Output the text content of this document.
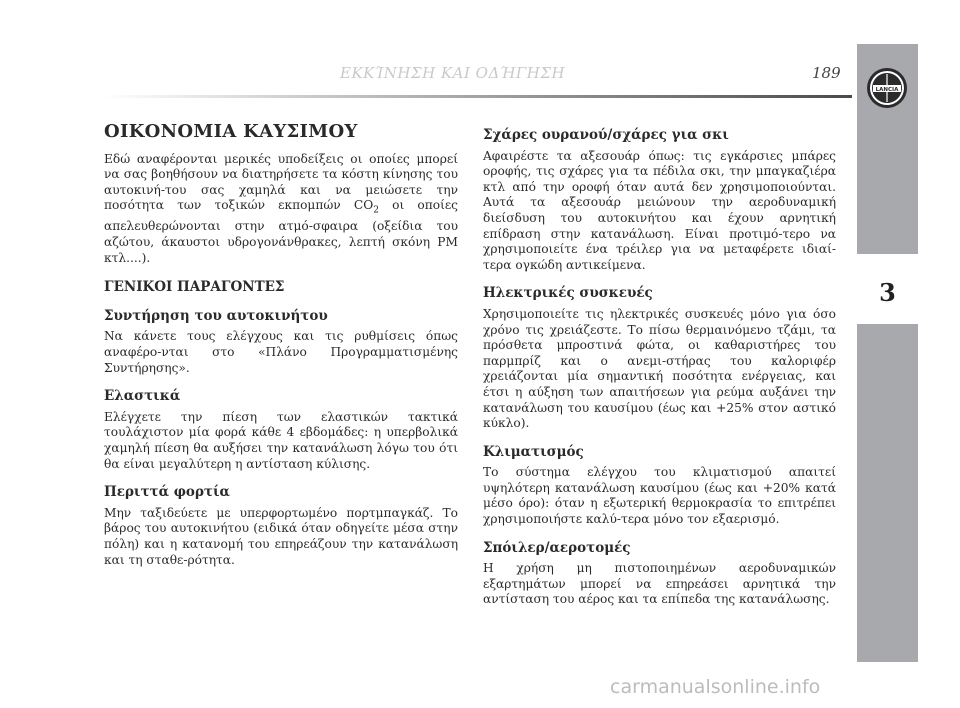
ΕΚΚΊΝΗΣΗ ΚΑΙ ΟΔΉΓΗΣΗ	189
3
LANCIA
ΟΙΚΟΝΟΜΙΑ ΚΑΥΣΙΜΟΥ

Εδώ αναφέρονται μερικές υποδείξεις οι οποίες μπορεί να σας βοηθήσουν να διατηρήσετε τα κόστη κίνησης του αυτοκινή-του σας χαμηλά και να μειώσετε την ποσότητα των τοξικών εκπομπών $CO_2$ οι οποίες απελευθερώνονται στην ατμό-σφαιρα (οξείδια του αζώτου, άκαυστοι υδρογονάνθρακες, λεπτή σκόνη PM κτλ....).

ΓΕΝΙΚΟΙ ΠΑΡΑΓΟΝΤΕΣ
Συντήρηση του αυτοκινήτου

Να κάνετε τους ελέγχους και τις ρυθμίσεις όπως αναφέρο-νται στο «Πλάνο Προγραμματισμένης Συντήρησης».

Ελαστικά

Ελέγχετε την πίεση των ελαστικών τακτικά τουλάχιστον μία φορά κάθε 4 εβδομάδες: η υπερβολικά χαμηλή πίεση θα αυξήσει την κατανάλωση λόγω του ότι θα είναι μεγαλύτερη η αντίσταση κύλισης.

Περιττά φορτία

Μην ταξιδεύετε με υπερφορτωμένο πορτμπαγκάζ. Το βάρος του αυτοκινήτου (ειδικά όταν οδηγείτε μέσα στην πόλη) και η κατανομή του επηρεάζουν την κατανάλωση και τη σταθε-ρότητα.

Σχάρες ουρανού/σχάρες για σκι

Αφαιρέστε τα αξεσουάρ όπως: τις εγκάρσιες μπάρες οροφής, τις σχάρες για τα πέδιλα σκι, την μπαγκαζιέρα κτλ από την οροφή όταν αυτά δεν χρησιμοποιούνται. Αυτά τα αξεσουάρ μειώνουν την αεροδυναμική διείσδυση του αυτοκινήτου και έχουν αρνητική επίδραση στην κατανάλωση. Είναι προτιμό-τερο να χρησιμοποιείτε ένα τρέιλερ για να μεταφέρετε ιδιαί-τερα ογκώδη αντικείμενα.

Ηλεκτρικές συσκευές

Χρησιμοποιείτε τις ηλεκτρικές συσκευές μόνο για όσο χρόνο τις χρειάζεστε. Το πίσω θερμαινόμενο τζάμι, τα πρόσθετα μπροστινά φώτα, οι καθαριστήρες του παρμπρίζ και ο ανεμι-στήρας του καλοριφέρ χρειάζονται μία σημαντική ποσότητα ενέργειας, και έτσι η αύξηση των απαιτήσεων για ρεύμα αυξάνει την κατανάλωση του καυσίμου (έως και +25% στον αστικό κύκλο).

Κλιματισμός

Το σύστημα ελέγχου του κλιματισμού απαιτεί υψηλότερη κατανάλωση καυσίμου (έως και +20% κατά μέσο όρο): όταν η εξωτερική θερμοκρασία το επιτρέπει χρησιμοποιήστε καλύ-τερα μόνο τον εξαερισμό.

Σπόιλερ/αεροτομές

Η χρήση μη πιστοποιημένων αεροδυναμικών εξαρτημάτων μπορεί να επηρεάσει αρνητικά την αντίσταση του αέρος και τα επίπεδα της κατανάλωσης.

carmanualsonline.info
